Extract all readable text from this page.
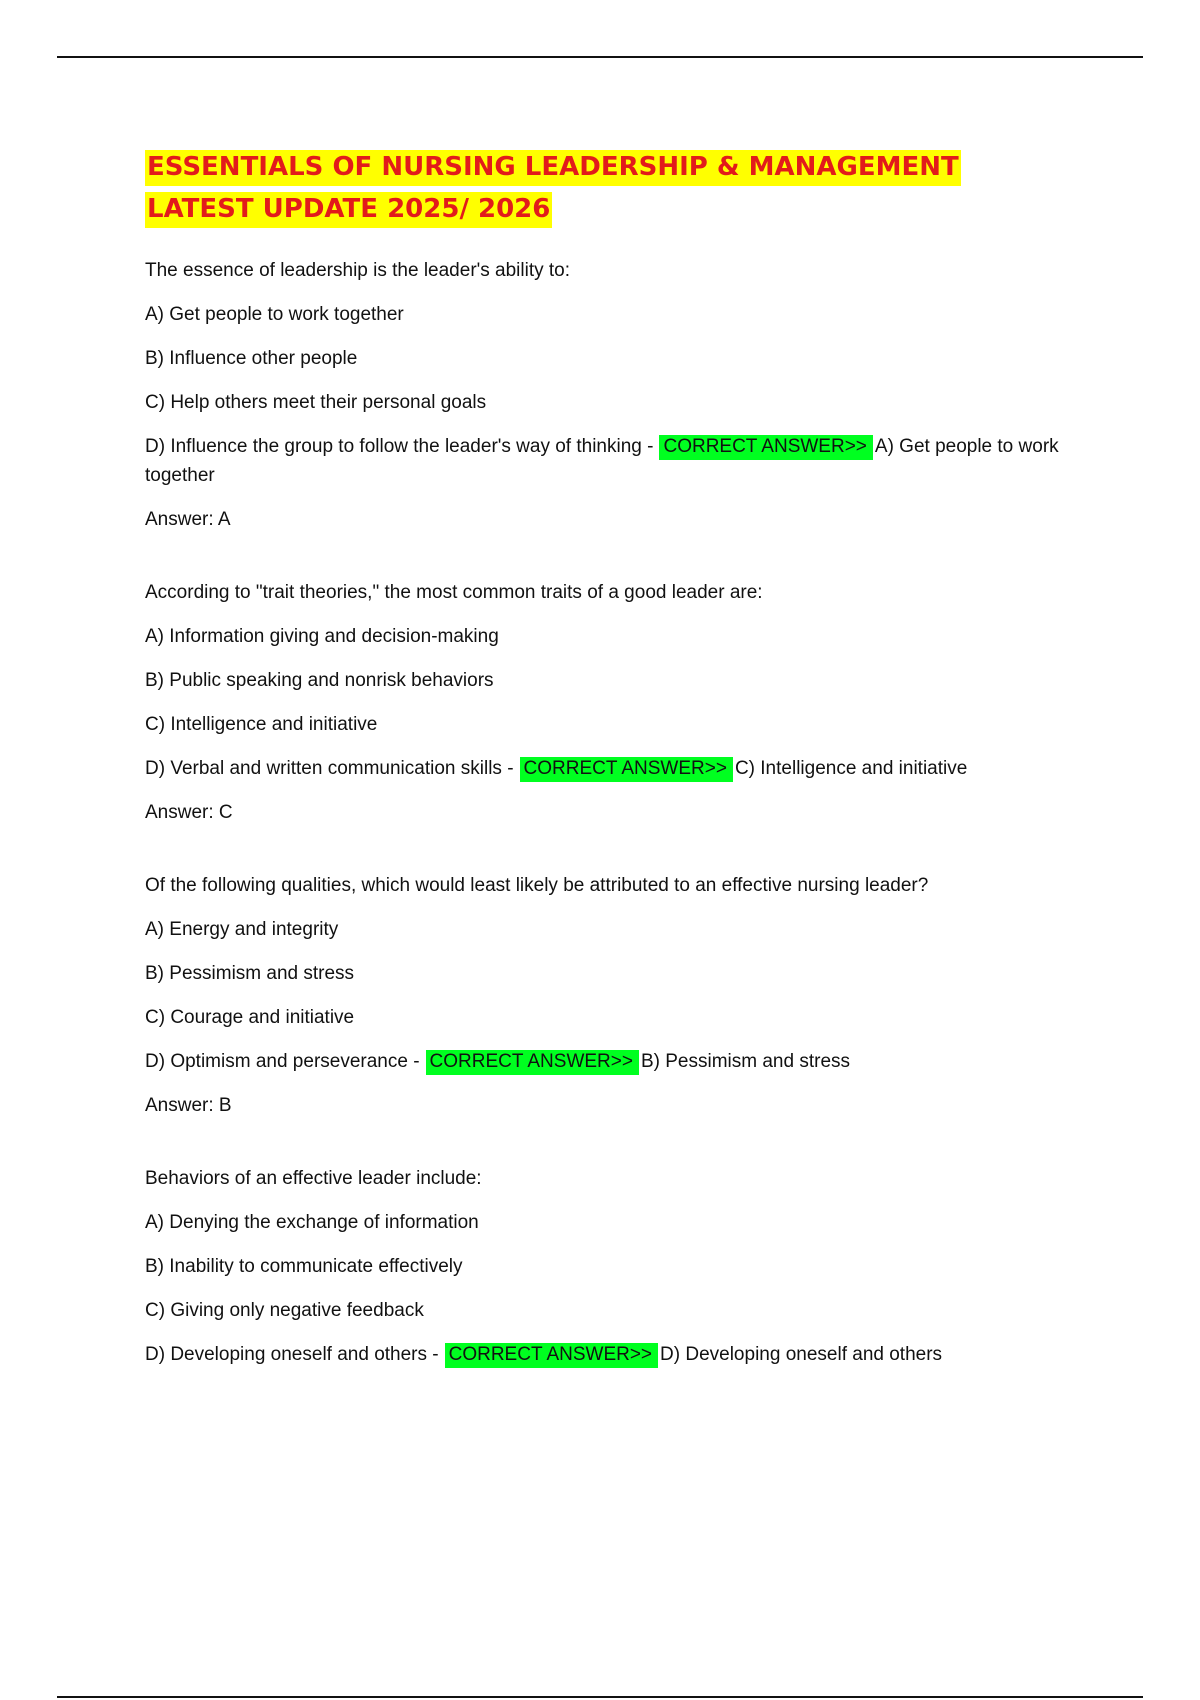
ESSENTIALS OF NURSING LEADERSHIP & MANAGEMENT
LATEST UPDATE 2025/ 2026
The essence of leadership is the leader's ability to:
A) Get people to work together
B) Influence other people
C) Help others meet their personal goals
D) Influence the group to follow the leader's way of thinking - CORRECT ANSWER>> A) Get people to work together
Answer: A
According to "trait theories," the most common traits of a good leader are:
A) Information giving and decision-making
B) Public speaking and nonrisk behaviors
C) Intelligence and initiative
D) Verbal and written communication skills - CORRECT ANSWER>> C) Intelligence and initiative
Answer: C
Of the following qualities, which would least likely be attributed to an effective nursing leader?
A) Energy and integrity
B) Pessimism and stress
C) Courage and initiative
D) Optimism and perseverance - CORRECT ANSWER>> B) Pessimism and stress
Answer: B
Behaviors of an effective leader include:
A) Denying the exchange of information
B) Inability to communicate effectively
C) Giving only negative feedback
D) Developing oneself and others - CORRECT ANSWER>> D) Developing oneself and others
